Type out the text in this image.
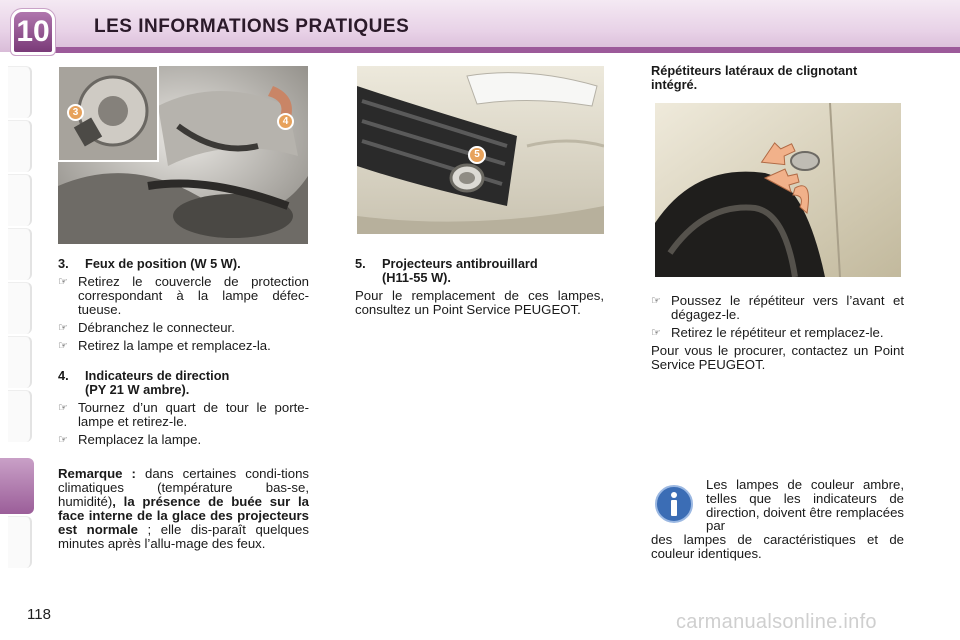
10 LES INFORMATIONS PRATIQUES
3
4
5
3. Feux de position (W 5 W).
☞ Retirez le couvercle de protection correspondant à la lampe défec-tueuse.
☞ Débranchez le connecteur.
☞ Retirez la lampe et remplacez-la.
4. Indicateurs de direction
(PY 21 W ambre).
☞ Tournez d’un quart de tour le porte-lampe et retirez-le.
☞ Remplacez la lampe.
Remarque : dans certaines condi-tions climatiques (température bas-se, humidité), la présence de buée sur la face interne de la glace des projecteurs est normale ; elle dis-paraît quelques minutes après l’allu-mage des feux.
5. Projecteurs antibrouillard
(H11-55 W).
Pour le remplacement de ces lampes, consultez un Point Service PEUGEOT.
Répétiteurs latéraux de clignotant intégré.
☞ Poussez le répétiteur vers l’avant et dégagez-le.
☞ Retirez le répétiteur et remplacez-le.
Pour vous le procurer, contactez un Point Service PEUGEOT.
Les lampes de couleur ambre, telles que les indicateurs de direction, doivent être remplacées par
des lampes de caractéristiques et de couleur identiques.
118	carmanualsonline.info
